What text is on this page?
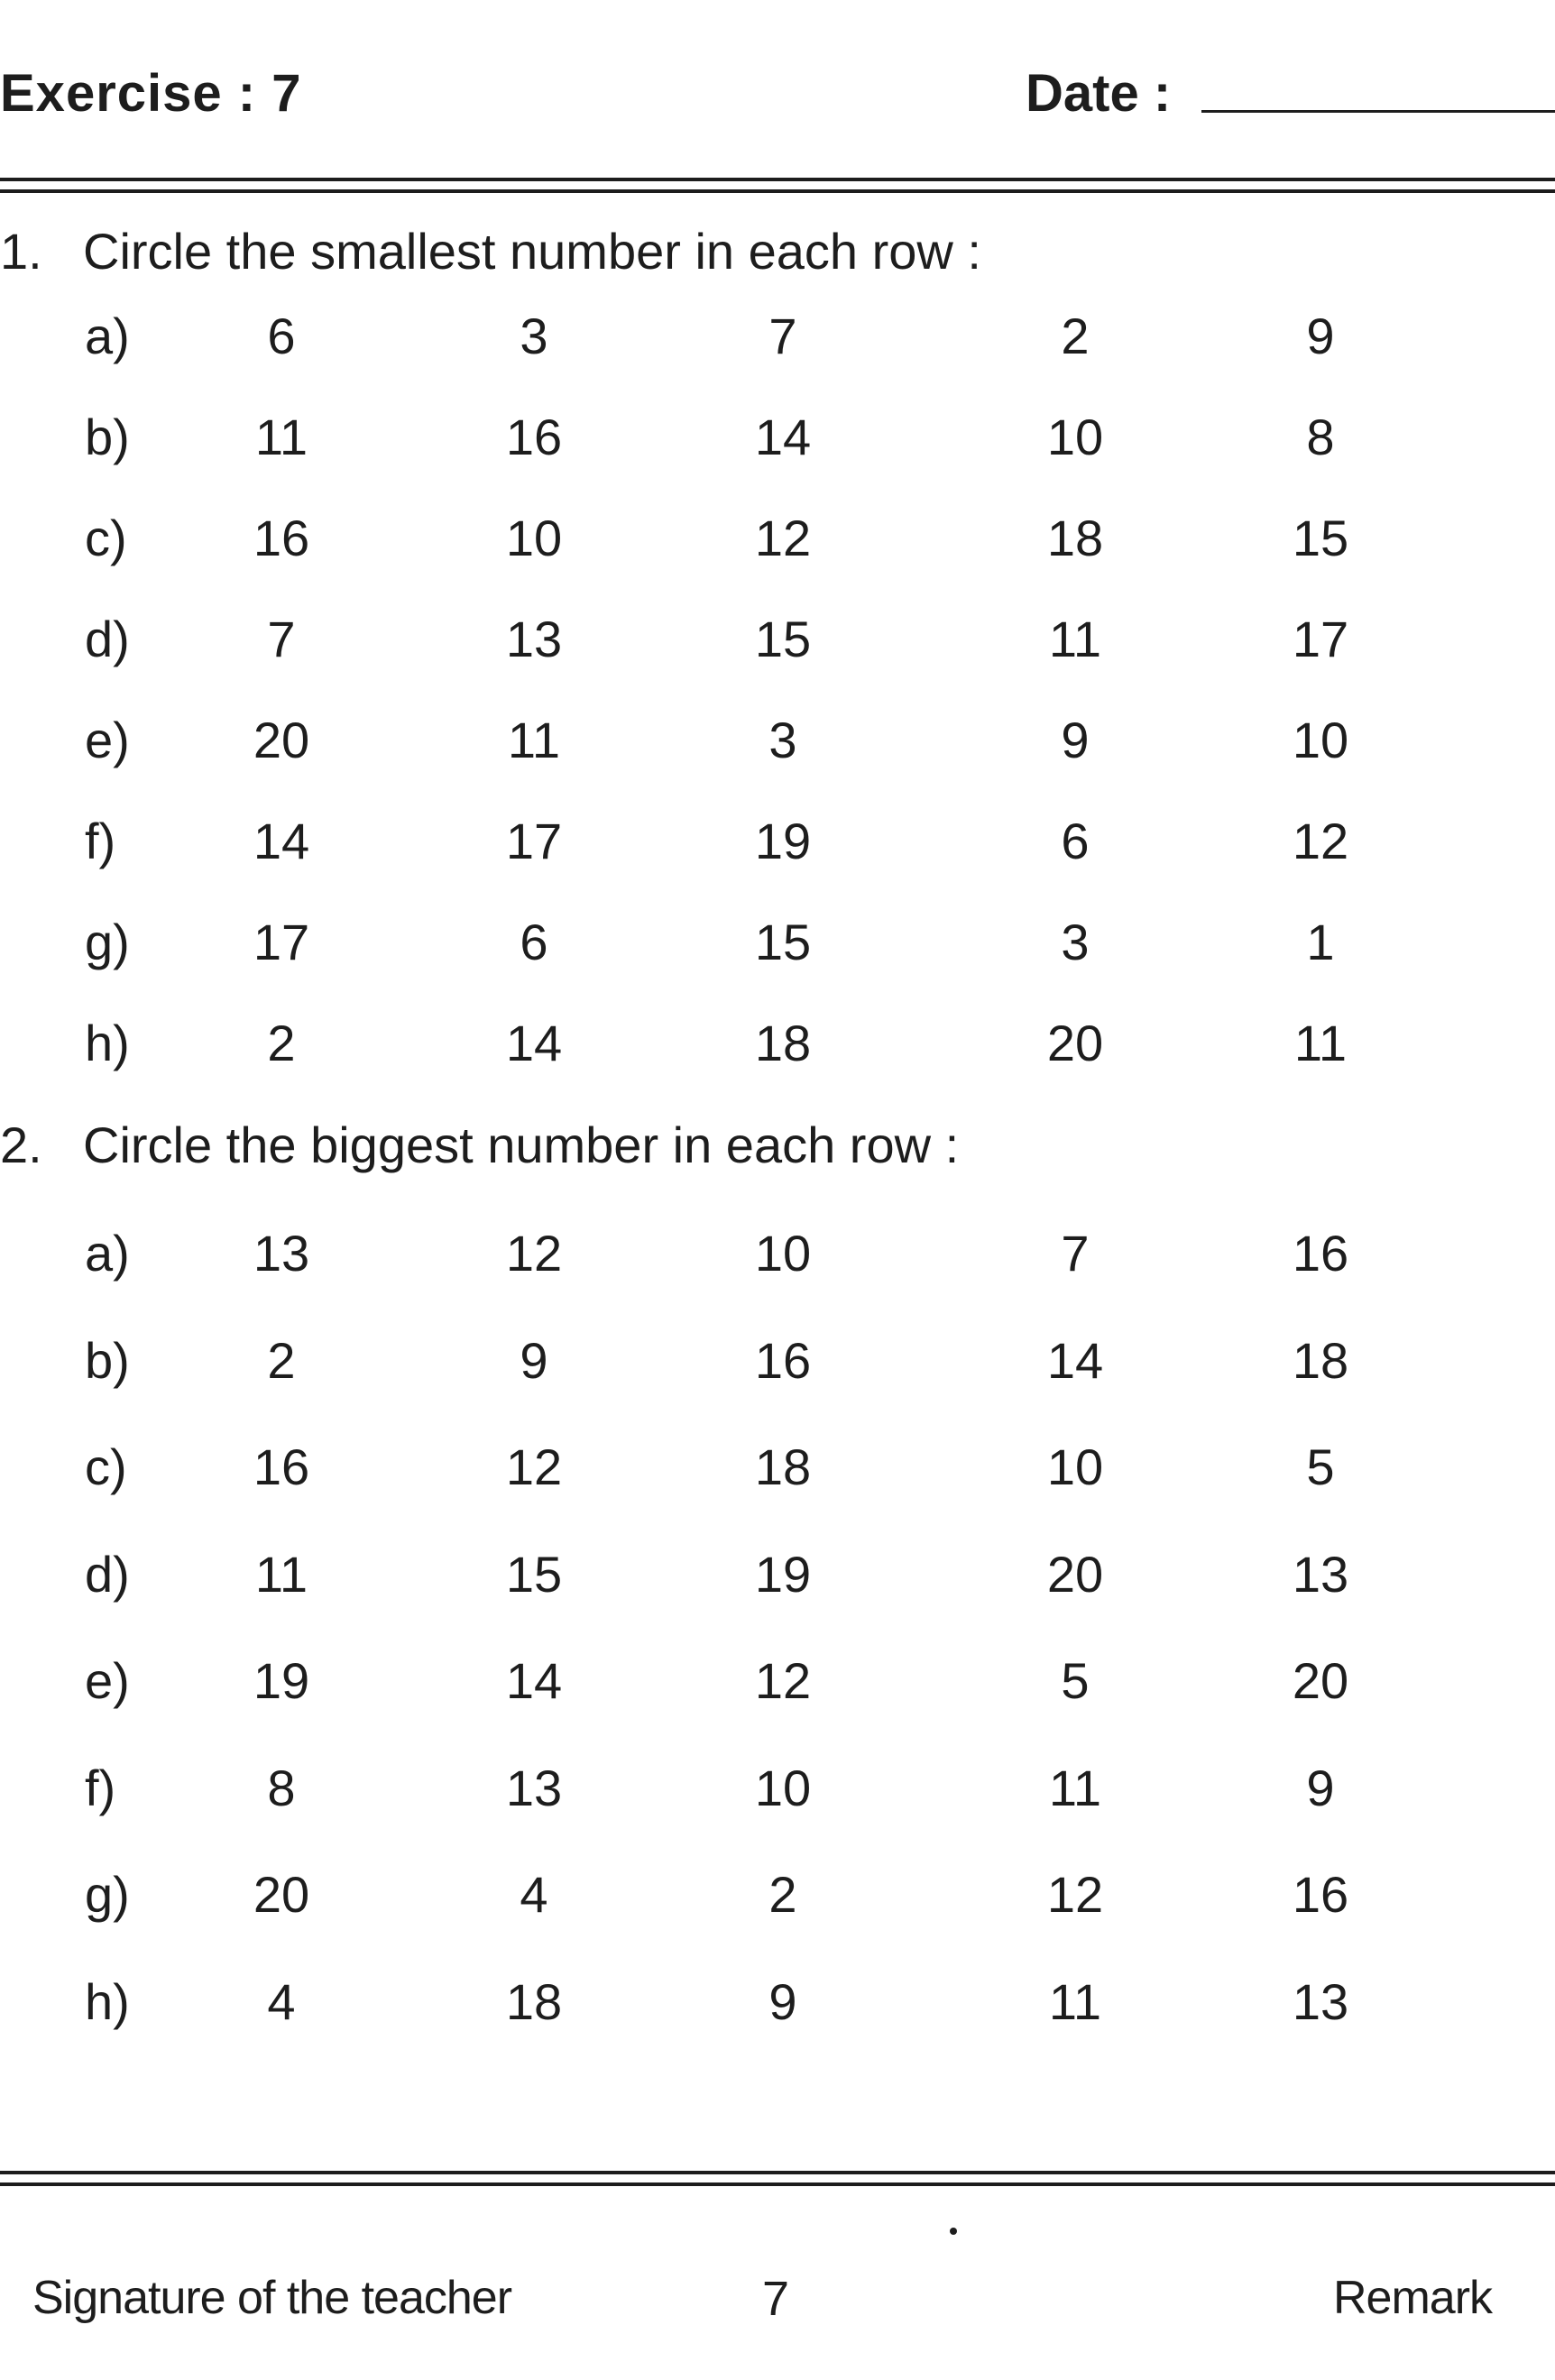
Exercise : 7	Date :
1. Circle the smallest number in each row :
a)	6	3	7	2	9
b)	11	16	14	10	8
c)	16	10	12	18	15
d)	7	13	15	11	17
e)	20	11	3	9	10
f)	14	17	19	6	12
g)	17	6	15	3	1
h)	2	14	18	20	11
2. Circle the biggest number in each row :
a)	13	12	10	7	16
b)	2	9	16	14	18
c)	16	12	18	10	5
d)	11	15	19	20	13
e)	19	14	12	5	20
f)	8	13	10	11	9
g)	20	4	2	12	16
h)	4	18	9	11	13
Signature of the teacher	7	Remark
